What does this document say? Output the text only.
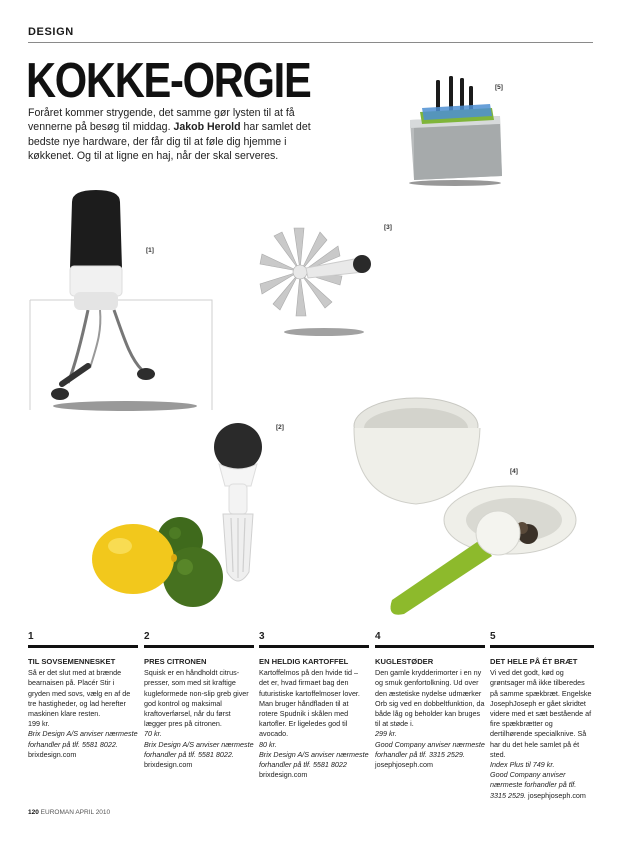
DESIGN
KOKKE-ORGIE
Foråret kommer strygende, det samme gør lysten til at få vennerne på besøg til middag. Jakob Herold har samlet det bedste nye hardware, der får dig til at føle dig hjemme i køkkenet. Og til at ligne en haj, når der skal serveres.
[5]
[1]
[3]
[2]
[4]
1
TIL SOVSEMENNESKET
Så er det slut med at brænde bearnaisen på. Placér Stir i gryden med sovs, vælg en af de tre hastigheder, og lad herefter maskinen klare resten.
199 kr.
Brix Design A/S anviser nærmeste forhandler på tlf. 5581 8022.
brixdesign.com
2
PRES CITRONEN
Squisk er en håndholdt citrus-presser, som med sit kraftige kugleformede non-slip greb giver god kontrol og maksimal kraftoverførsel, når du først lægger pres på citronen.
70 kr.
Brix Design A/S anviser nærmeste forhandler på tlf. 5581 8022.
brixdesign.com
3
EN HELDIG KARTOFFEL
Kartoffelmos på den hvide tid – det er, hvad firmaet bag den futuristiske kartoffelmoser lover. Man bruger håndfladen til at rotere Spudnik i skålen med kartofler. Er ligeledes god til avocado.
80 kr.
Brix Design A/S anviser nærmeste forhandler på tlf. 5581 8022
brixdesign.com
4
KUGLESTØDER
Den gamle krydderimorter i en ny og smuk genfortolkning. Ud over den æstetiske nydelse udmærker Orb sig ved en dobbeltfunktion, da både låg og beholder kan bruges til at støde i.
299 kr.
Good Company anviser nærmeste forhandler på tlf. 3315 2529.
josephjoseph.com
5
DET HELE PÅ ÉT BRÆT
Vi ved det godt, kød og grøntsager må ikke tilberedes på samme spækbræt. Engelske JosephJoseph er gået skridtet videre med et sæt bestående af fire spækbrætter og dertilhørende specialknive. Så har du det hele samlet på ét sted.
Index Plus til 749 kr.
Good Company anviser nærmeste forhandler på tlf. 3315 2529. josephjoseph.com
120 EUROMAN APRIL 2010
